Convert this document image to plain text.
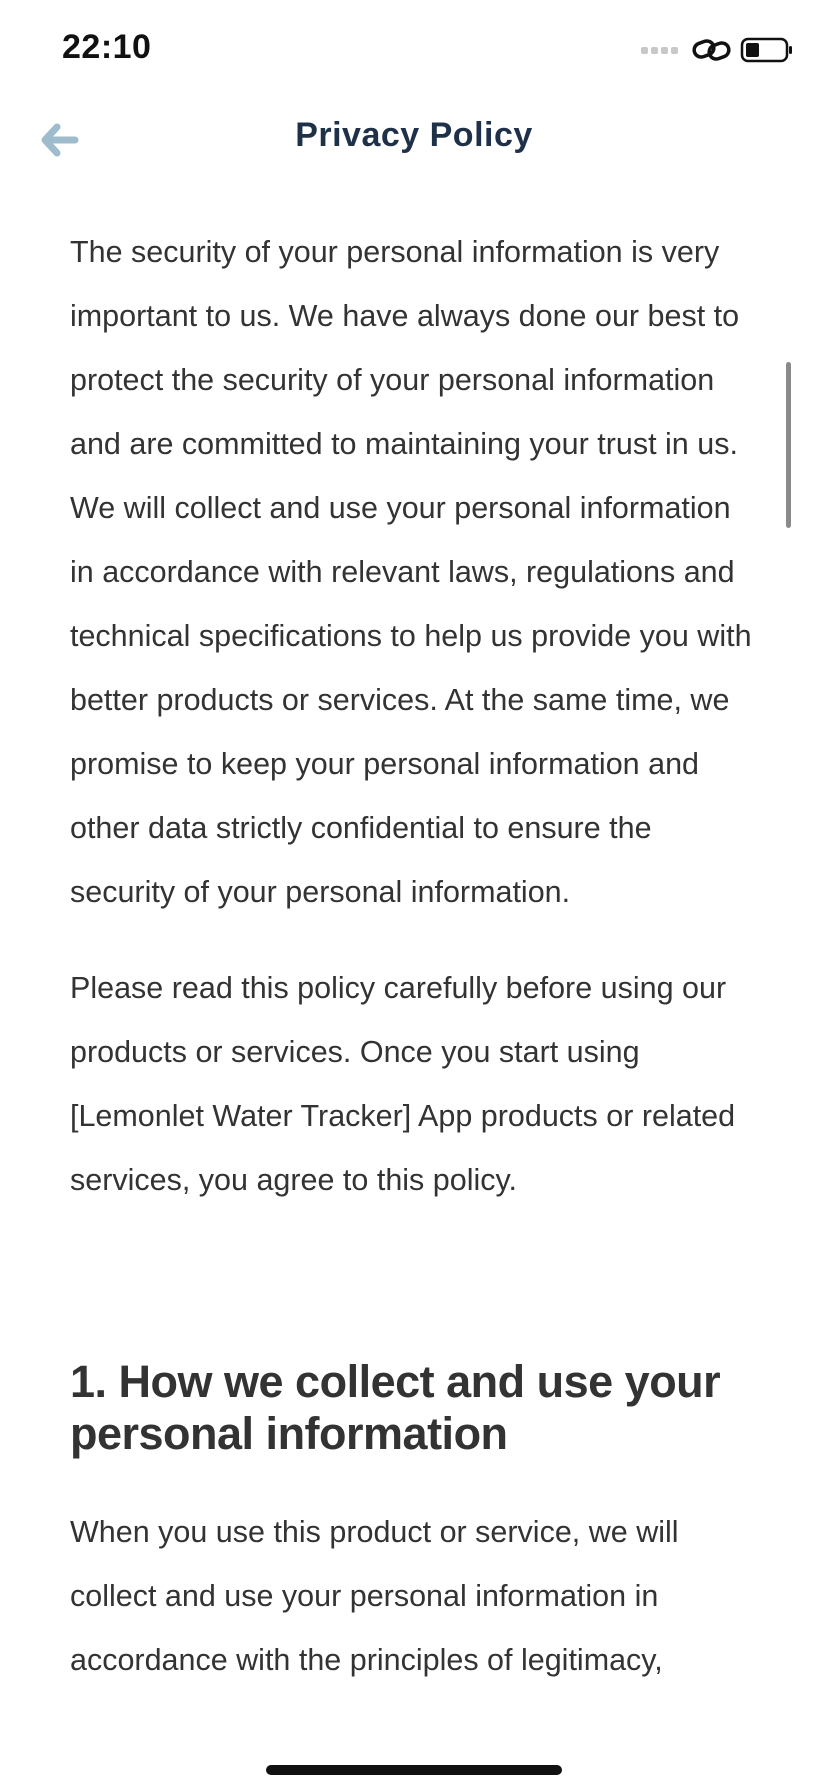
22:10
Privacy Policy

The security of your personal information is very important to us. We have always done our best to protect the security of your personal information and are committed to maintaining your trust in us. We will collect and use your personal information in accordance with relevant laws, regulations and technical specifications to help us provide you with better products or services. At the same time, we promise to keep your personal information and other data strictly confidential to ensure the security of your personal information.

Please read this policy carefully before using our products or services. Once you start using [Lemonlet Water Tracker] App products or related services, you agree to this policy.

1. How we collect and use your personal information

When you use this product or service, we will collect and use your personal information in accordance with the principles of legitimacy,
